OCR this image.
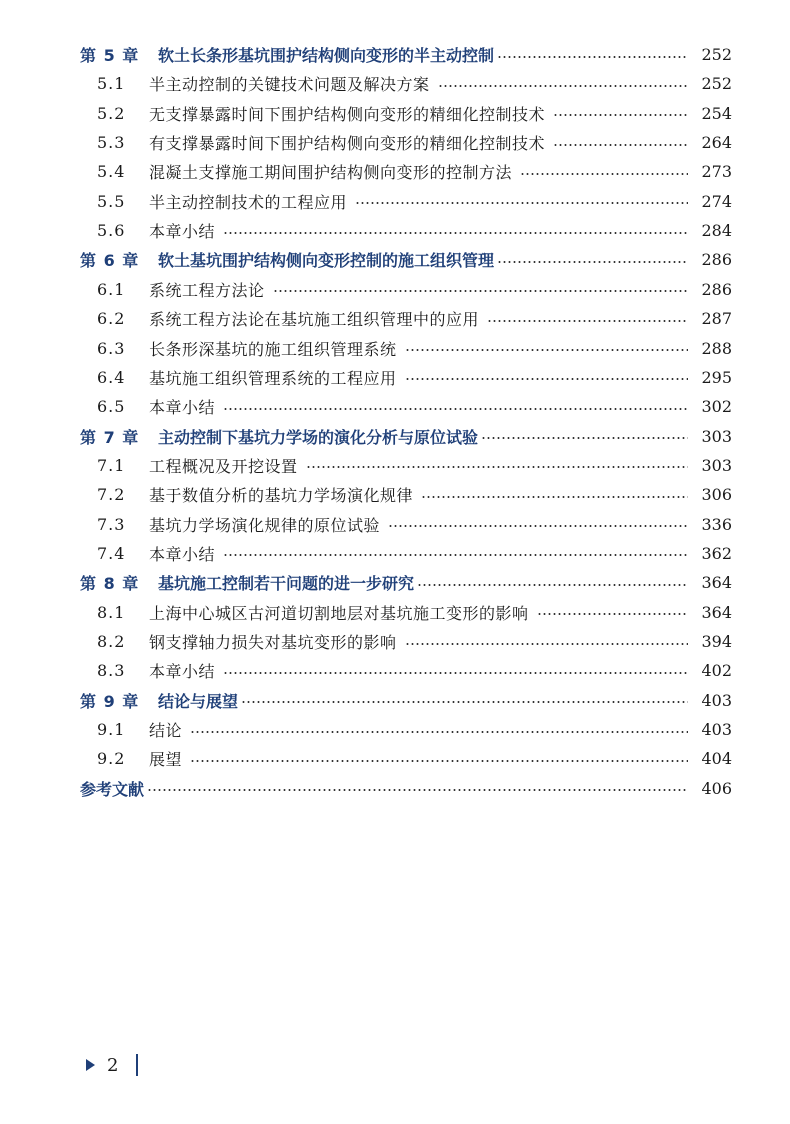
第 5 章	软土长条形基坑围护结构侧向变形的半主动控制	252
5.1	半主动控制的关键技术问题及解决方案	252
5.2	无支撑暴露时间下围护结构侧向变形的精细化控制技术	254
5.3	有支撑暴露时间下围护结构侧向变形的精细化控制技术	264
5.4	混凝土支撑施工期间围护结构侧向变形的控制方法	273
5.5	半主动控制技术的工程应用	274
5.6	本章小结	284
第 6 章	软土基坑围护结构侧向变形控制的施工组织管理	286
6.1	系统工程方法论	286
6.2	系统工程方法论在基坑施工组织管理中的应用	287
6.3	长条形深基坑的施工组织管理系统	288
6.4	基坑施工组织管理系统的工程应用	295
6.5	本章小结	302
第 7 章	主动控制下基坑力学场的演化分析与原位试验	303
7.1	工程概况及开挖设置	303
7.2	基于数值分析的基坑力学场演化规律	306
7.3	基坑力学场演化规律的原位试验	336
7.4	本章小结	362
第 8 章	基坑施工控制若干问题的进一步研究	364
8.1	上海中心城区古河道切割地层对基坑施工变形的影响	364
8.2	钢支撑轴力损失对基坑变形的影响	394
8.3	本章小结	402
第 9 章	结论与展望	403
9.1	结论	403
9.2	展望	404
参考文献	406
2
